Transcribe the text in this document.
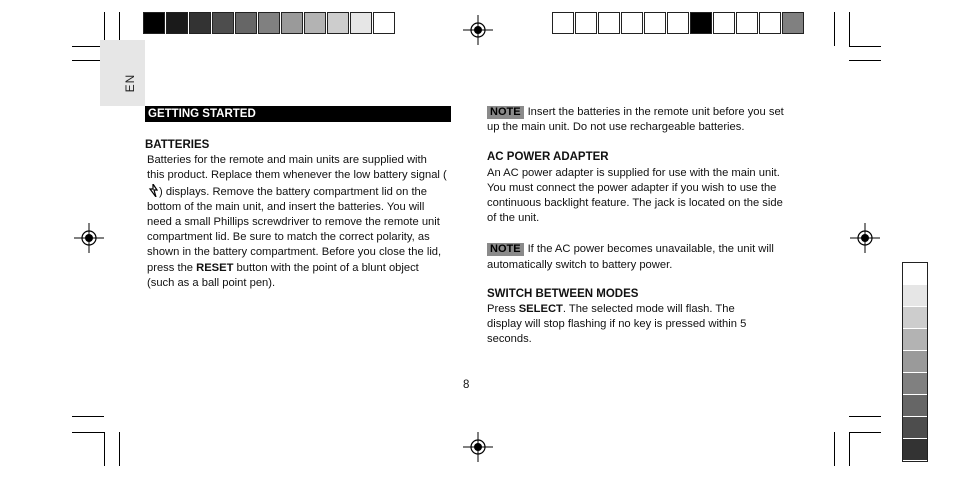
EN
GETTING STARTED
BATTERIES

Batteries for the remote and main units are supplied with this product. Replace them whenever the low battery signal () displays. Remove the battery compartment lid on the bottom of the main unit, and insert the batteries. You will need a small Phillips screwdriver to remove the remote unit compartment lid. Be sure to match the correct polarity, as shown in the battery compartment. Before you close the lid, press the RESET button with the point of a blunt object (such as a ball point pen).

NOTE Insert the batteries in the remote unit before you set up the main unit. Do not use rechargeable batteries.

AC POWER ADAPTER

An AC power adapter is supplied for use with the main unit. You must connect the power adapter if you wish to use the continuous backlight feature. The jack is located on the side of the unit.

NOTE If the AC power becomes unavailable, the unit will automatically switch to battery power.

SWITCH BETWEEN MODES

Press SELECT. The selected mode will flash. The display will stop flashing if no key is pressed within 5 seconds.

8
